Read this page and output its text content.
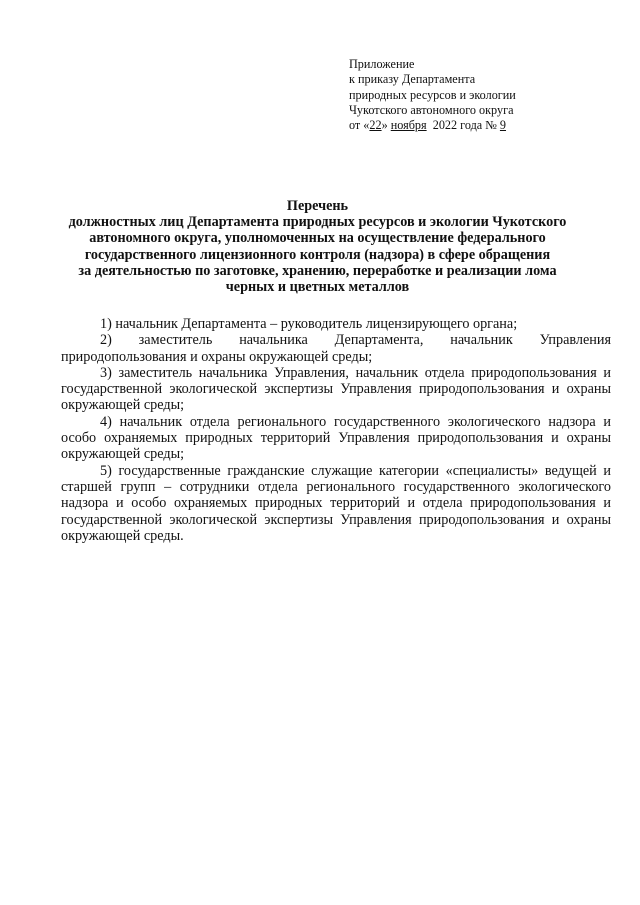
Приложение
к приказу Департамента
природных ресурсов и экологии
Чукотского автономного округа
от «22» ноября  2022 года № 9
Перечень
должностных лиц Департамента природных ресурсов и экологии Чукотского
автономного округа, уполномоченных на осуществление федерального
государственного лицензионного контроля (надзора) в сфере обращения
за деятельностью по заготовке, хранению, переработке и реализации лома
черных и цветных металлов

1) начальник Департамента – руководитель лицензирующего органа;

2) заместитель начальника Департамента, начальник Управления природопользования и охраны окружающей среды;

3) заместитель начальника Управления, начальник отдела природопользования и государственной экологической экспертизы Управления природопользования и охраны окружающей среды;

4) начальник отдела регионального государственного экологического надзора и особо охраняемых природных территорий Управления природопользования и охраны окружающей среды;

5) государственные гражданские служащие категории «специалисты» ведущей и старшей групп – сотрудники отдела регионального государственного экологического надзора и особо охраняемых природных территорий и отдела природопользования и государственной экологической экспертизы Управления природопользования и охраны окружающей среды.
